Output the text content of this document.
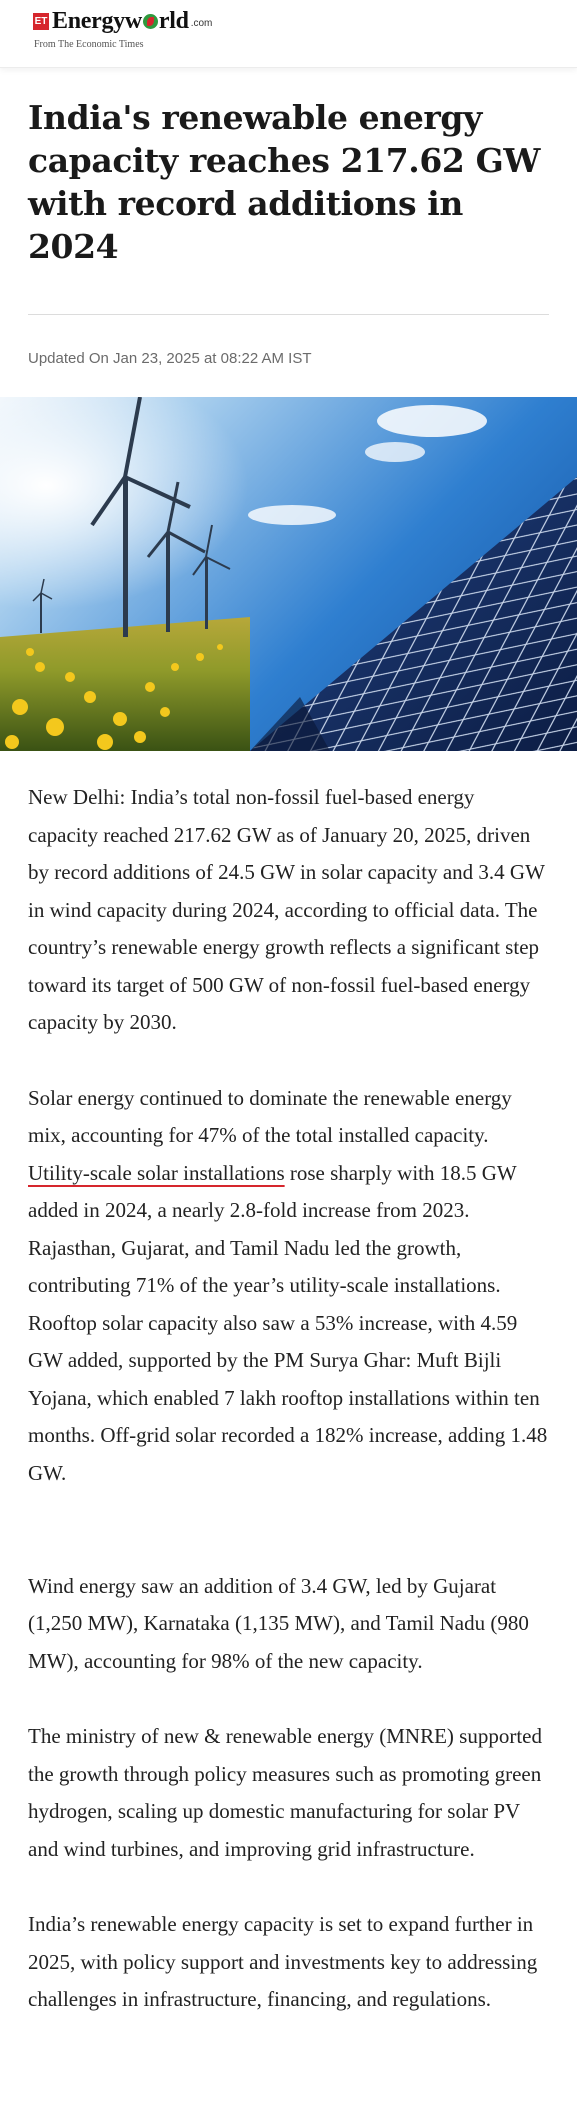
ET Energyw rld .com
From The Economic Times
India's renewable energy capacity reaches 217.62 GW with record additions in 2024
Updated On Jan 23, 2025 at 08:22 AM IST

New Delhi: India’s total non-fossil fuel-based energy capacity reached 217.62 GW as of January 20, 2025, driven by record additions of 24.5 GW in solar capacity and 3.4 GW in wind capacity during 2024, according to official data. The country’s renewable energy growth reflects a significant step toward its target of 500 GW of non-fossil fuel-based energy capacity by 2030.

Solar energy continued to dominate the renewable energy mix, accounting for 47% of the total installed capacity. Utility-scale solar installations rose sharply with 18.5 GW added in 2024, a nearly 2.8-fold increase from 2023. Rajasthan, Gujarat, and Tamil Nadu led the growth, contributing 71% of the year’s utility-scale installations. Rooftop solar capacity also saw a 53% increase, with 4.59 GW added, supported by the PM Surya Ghar: Muft Bijli Yojana, which enabled 7 lakh rooftop installations within ten months. Off-grid solar recorded a 182% increase, adding 1.48 GW.

Wind energy saw an addition of 3.4 GW, led by Gujarat (1,250 MW), Karnataka (1,135 MW), and Tamil Nadu (980 MW), accounting for 98% of the new capacity.

The ministry of new & renewable energy (MNRE) supported the growth through policy measures such as promoting green hydrogen, scaling up domestic manufacturing for solar PV and wind turbines, and improving grid infrastructure.

India’s renewable energy capacity is set to expand further in 2025, with policy support and investments key to addressing challenges in infrastructure, financing, and regulations.
